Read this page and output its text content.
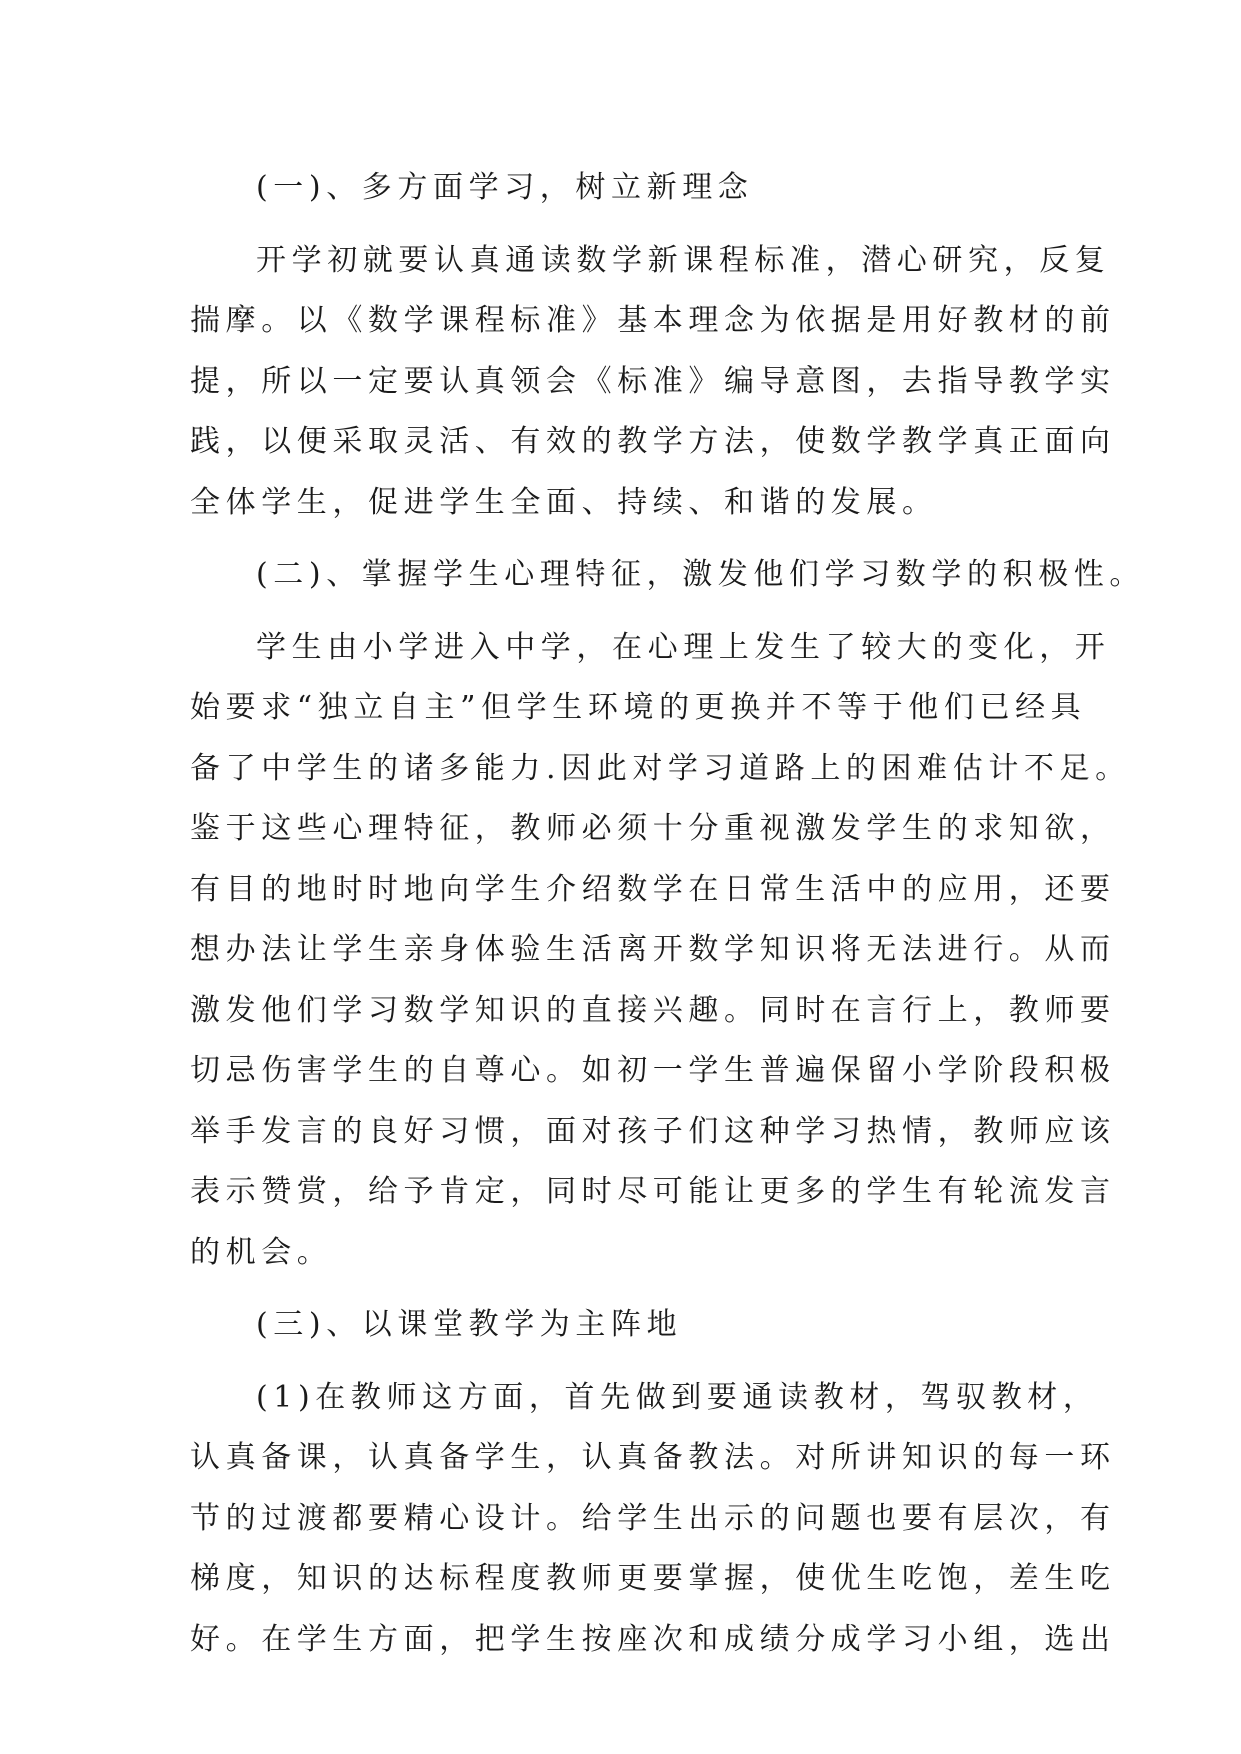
(一)、多方面学习，树立新理念
开学初就要认真通读数学新课程标准，潜心研究，反复
揣摩。以《数学课程标准》基本理念为依据是用好教材的前
提，所以一定要认真领会《标准》编导意图，去指导教学实
践，以便采取灵活、有效的教学方法，使数学教学真正面向
全体学生，促进学生全面、持续、和谐的发展。
(二)、掌握学生心理特征，激发他们学习数学的积极性。
学生由小学进入中学，在心理上发生了较大的变化，开
始要求“独立自主”但学生环境的更换并不等于他们已经具
备了中学生的诸多能力.因此对学习道路上的困难估计不足。
鉴于这些心理特征，教师必须十分重视激发学生的求知欲，
有目的地时时地向学生介绍数学在日常生活中的应用，还要
想办法让学生亲身体验生活离开数学知识将无法进行。从而
激发他们学习数学知识的直接兴趣。同时在言行上，教师要
切忌伤害学生的自尊心。如初一学生普遍保留小学阶段积极
举手发言的良好习惯，面对孩子们这种学习热情，教师应该
表示赞赏，给予肯定，同时尽可能让更多的学生有轮流发言
的机会。
(三)、以课堂教学为主阵地
(1)在教师这方面，首先做到要通读教材，驾驭教材，
认真备课，认真备学生，认真备教法。对所讲知识的每一环
节的过渡都要精心设计。给学生出示的问题也要有层次，有
梯度，知识的达标程度教师更要掌握，使优生吃饱，差生吃
好。在学生方面，把学生按座次和成绩分成学习小组，选出
